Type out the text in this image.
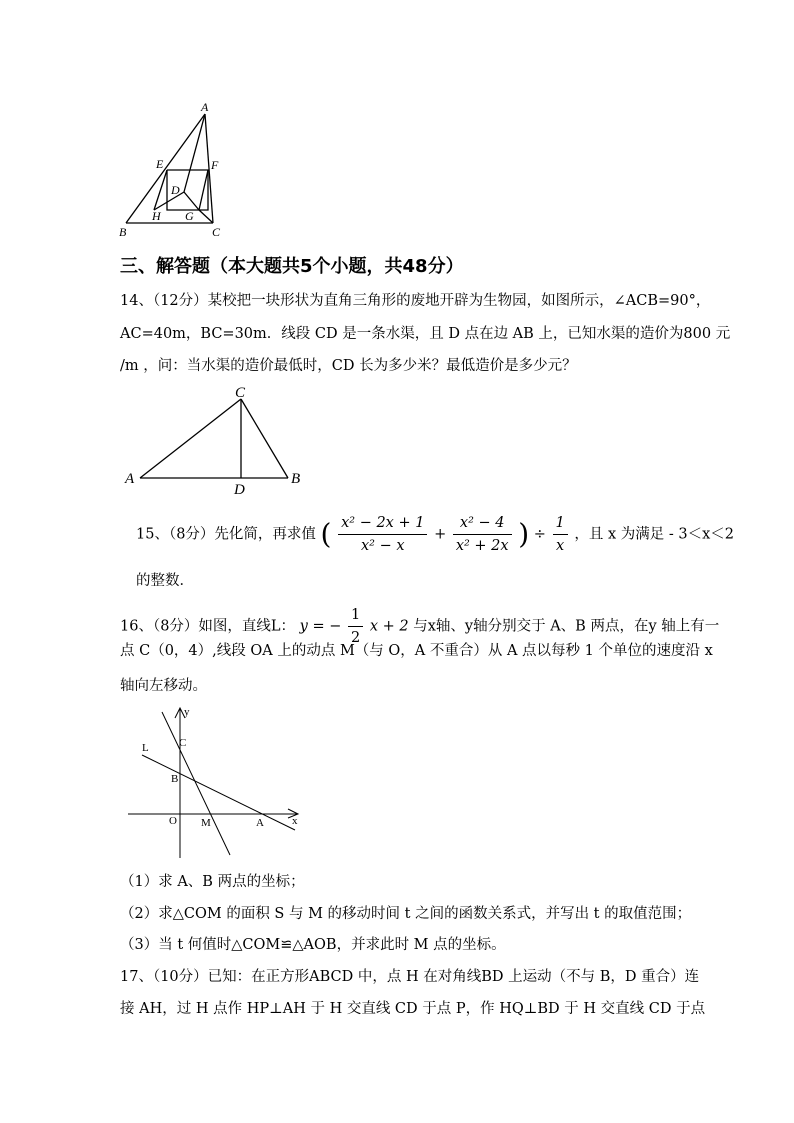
A
E	F
D
B
H G
C
三、解答题（本大题共5个小题，共48分）
14、（12分）某校把一块形状为直角三角形的废地开辟为生物园，如图所示，∠ACB=90°，
AC=40m，BC=30m．线段 CD 是一条水渠，且 D 点在边 AB 上，已知水渠的造价为800 元
/m ，问：当水渠的造价最低时，CD 长为多少米？最低造价是多少元？
C
A
D
B
15、（8分）先化简，再求值 ( $\frac{\text{x² − 2x + 1}}{\text{x² − x}} + \frac{\text{x² − 4}}{\text{x² + 2x}}$ ) ÷ $\frac{1}{x}$ ，且 x 为满足 - 3＜x＜2
的整数．
16、（8分）如图，直线L： y = − $\frac{1}{2}$ x + 2 与x轴、y轴分别交于 A、B 两点，在y 轴上有一
点 C（0，4）,线段 OA 上的动点 M（与 O，A 不重合）从 A 点以每秒 1 个单位的速度沿 x
轴向左移动。
y
C
L
B
O M	A	x
（1）求 A、B 两点的坐标；
（2）求△COM 的面积 S 与 M 的移动时间 t 之间的函数关系式，并写出 t 的取值范围；
（3）当 t 何值时△COM≌△AOB，并求此时 M 点的坐标。
17、（10分）已知：在正方形ABCD 中，点 H 在对角线BD 上运动（不与 B，D 重合）连
接 AH，过 H 点作 HP⊥AH 于 H 交直线 CD 于点 P，作 HQ⊥BD 于 H 交直线 CD 于点
